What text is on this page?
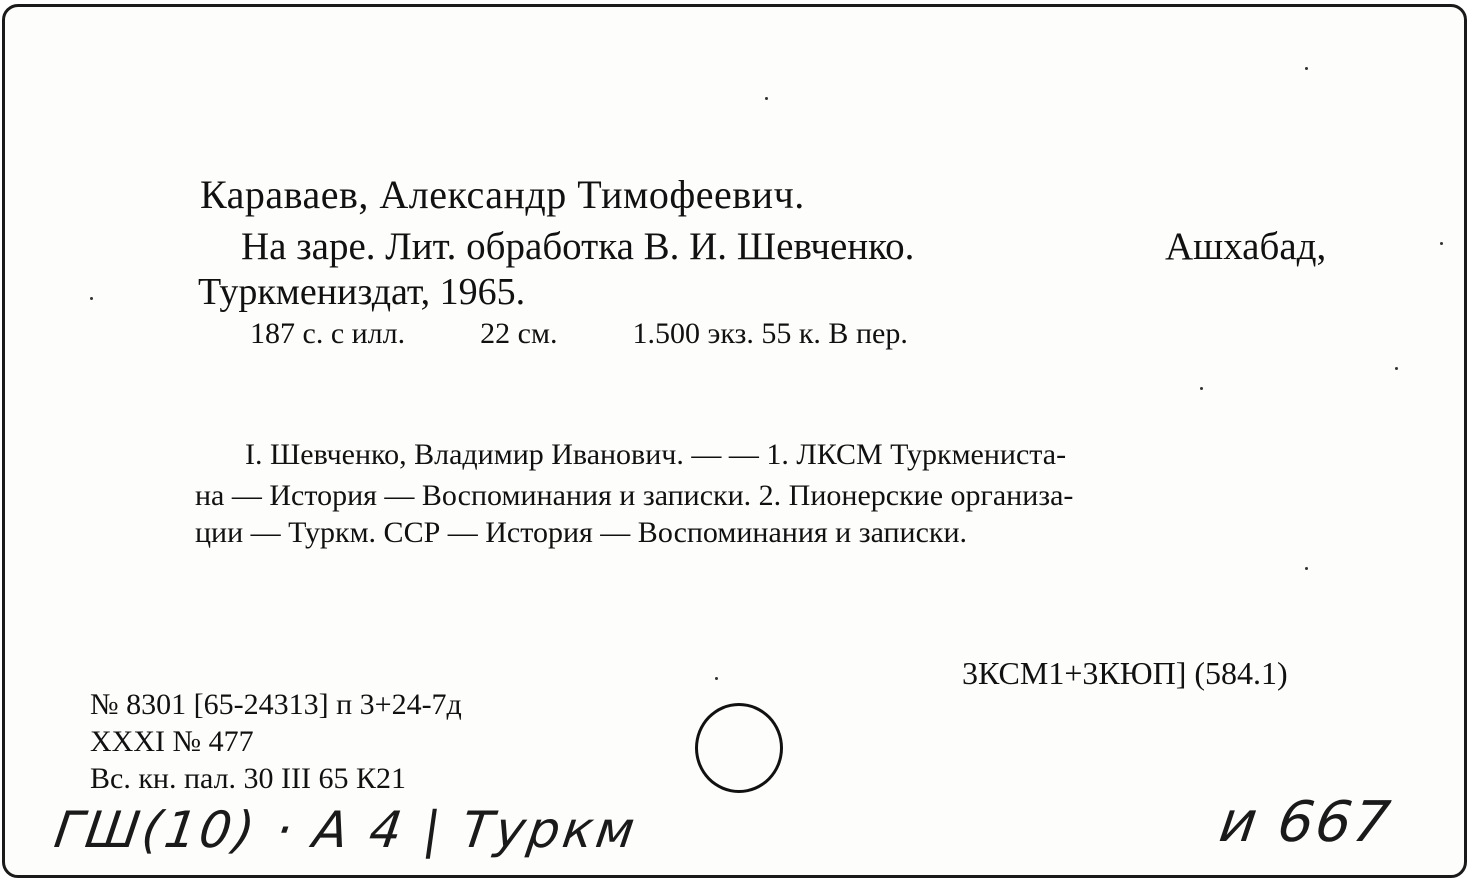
Караваев, Александр Тимофеевич.
На заре. Лит. обработка В. И. Шевченко.	Ашхабад,
Туркмениздат, 1965.
187 с. с илл.	22 см.	1.500 экз. 55 к. В пер.
I. Шевченко, Владимир Иванович. — — 1. ЛКСМ Туркмениста-
на — История — Воспоминания и записки. 2. Пионерские организа-
ции — Туркм. ССР — История — Воспоминания и записки.
3КСМ1+3КЮП] (584.1)
№ 8301 [65-24313] п 3+24-7д
XXXI № 477
Вс. кн. пал. 30 III 65 К21
ГШ(10) · А 4 | Туркм	и 667
